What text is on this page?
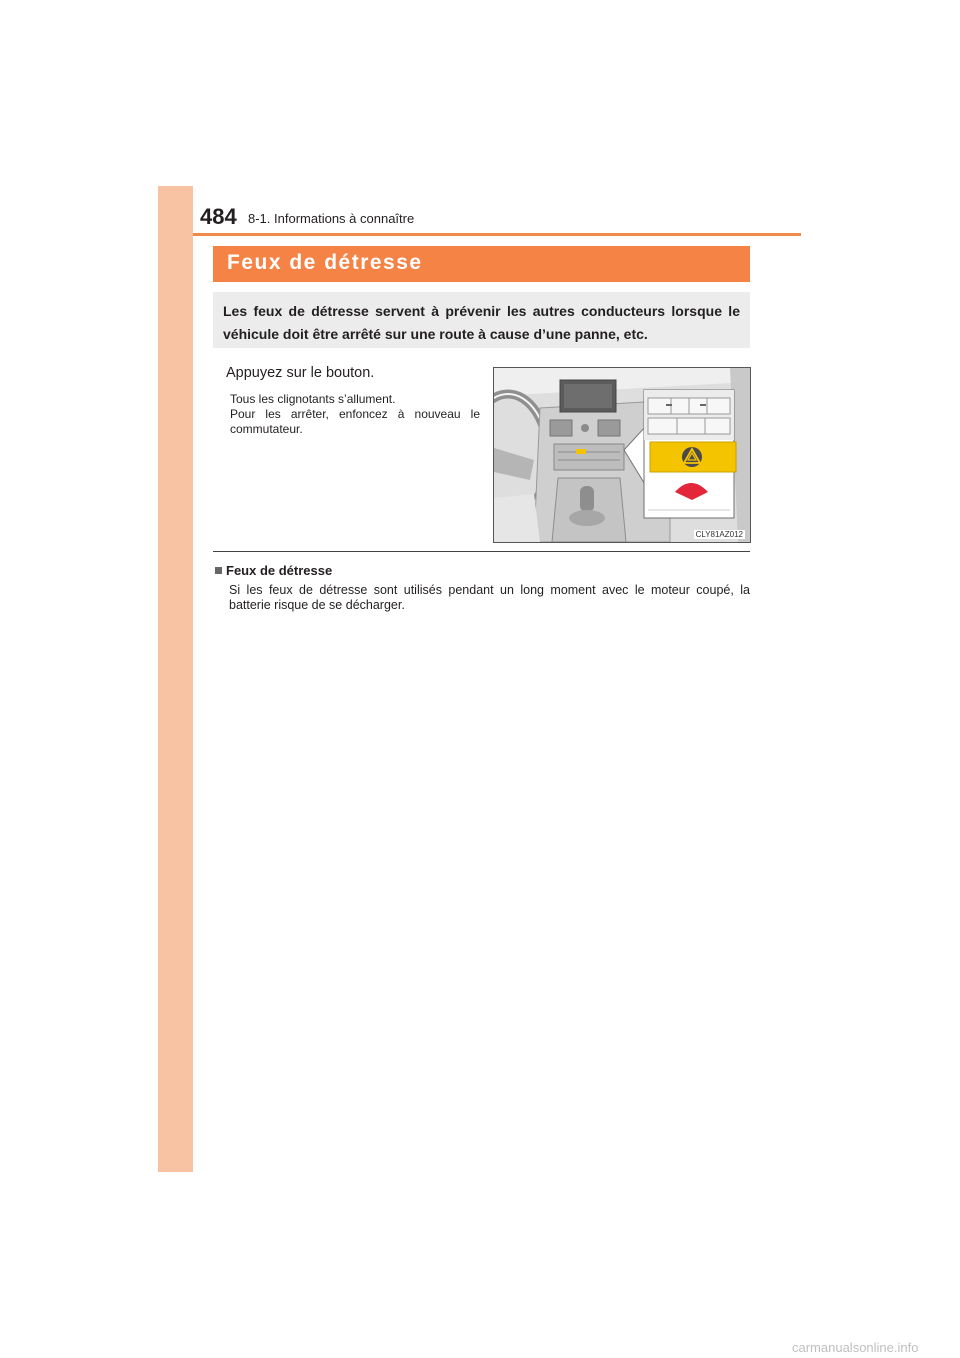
484 8-1. Informations à connaître
Feux de détresse

Les feux de détresse servent à prévenir les autres conducteurs lorsque le véhicule doit être arrêté sur une route à cause d’une panne, etc.

Appuyez sur le bouton.
Tous les clignotants s’allument.
Pour les arrêter, enfoncez à nouveau le commutateur.
CLY81AZ012
Feux de détresse
Si les feux de détresse sont utilisés pendant un long moment avec le moteur coupé, la batterie risque de se décharger.
carmanualsonline.info
